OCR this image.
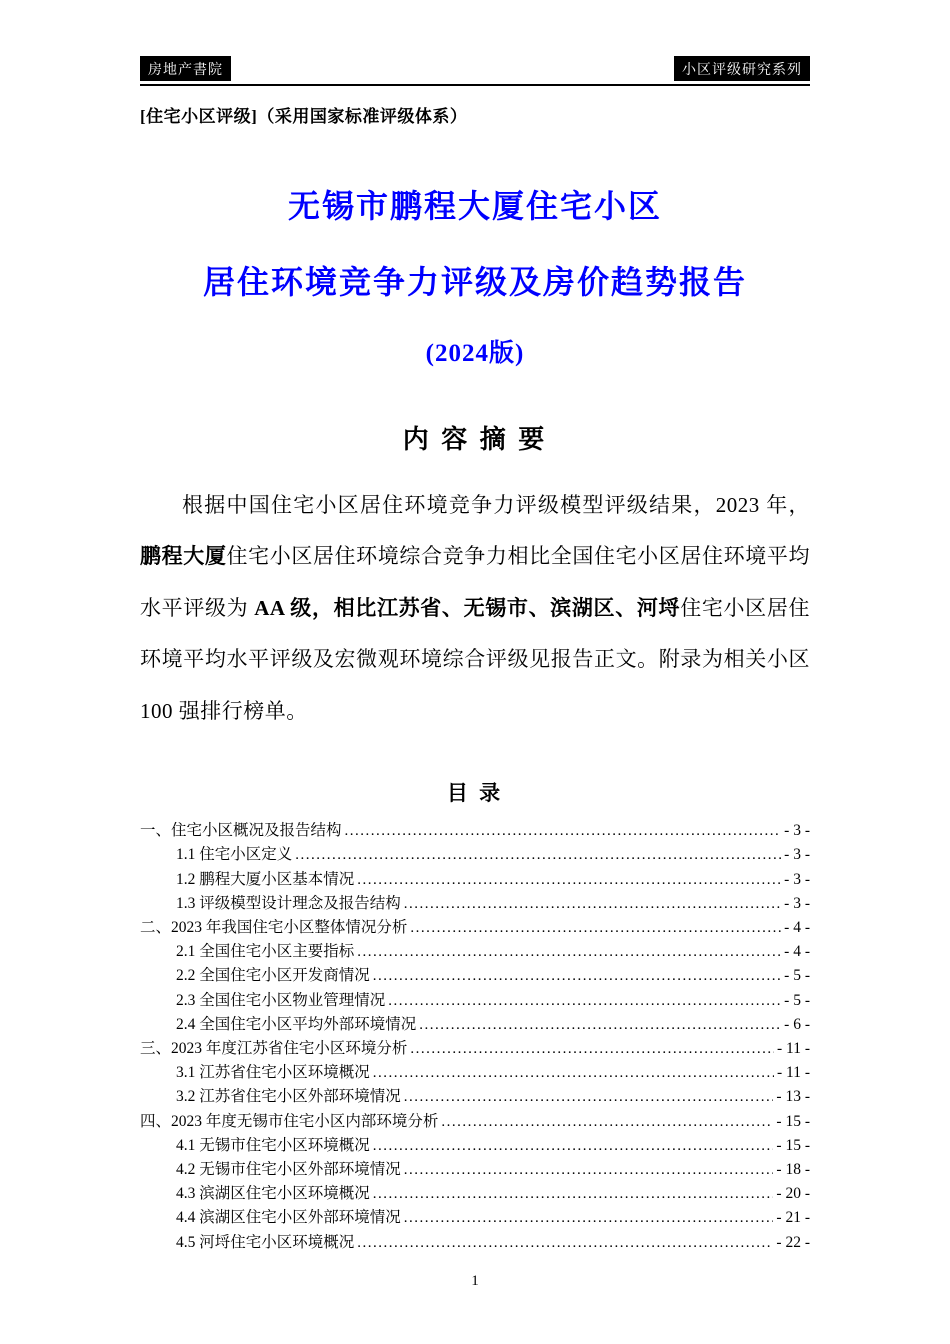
房地产書院	小区评级研究系列
[住宅小区评级]（采用国家标准评级体系）
无锡市鹏程大厦住宅小区
居住环境竞争力评级及房价趋势报告
(2024版)
内 容 摘 要

根据中国住宅小区居住环境竞争力评级模型评级结果，2023 年，鹏程大厦住宅小区居住环境综合竞争力相比全国住宅小区居住环境平均水平评级为 AA 级，相比江苏省、无锡市、滨湖区、河埒住宅小区居住环境平均水平评级及宏微观环境综合评级见报告正文。附录为相关小区 100 强排行榜单。

目 录
一、住宅小区概况及报告结构 .....	- 3 -
1.1 住宅小区定义 .....	- 3 -
1.2 鹏程大厦小区基本情况 .....	- 3 -
1.3 评级模型设计理念及报告结构 .....	- 3 -
二、2023 年我国住宅小区整体情况分析 .....	- 4 -
2.1 全国住宅小区主要指标 .....	- 4 -
2.2 全国住宅小区开发商情况 .....	- 5 -
2.3 全国住宅小区物业管理情况 .....	- 5 -
2.4 全国住宅小区平均外部环境情况 .....	- 6 -
三、2023 年度江苏省住宅小区环境分析 .....	- 11 -
3.1 江苏省住宅小区环境概况 .....	- 11 -
3.2 江苏省住宅小区外部环境情况 .....	- 13 -
四、2023 年度无锡市住宅小区内部环境分析 .....	- 15 -
4.1 无锡市住宅小区环境概况 .....	- 15 -
4.2 无锡市住宅小区外部环境情况 .....	- 18 -
4.3 滨湖区住宅小区环境概况 .....	- 20 -
4.4 滨湖区住宅小区外部环境情况 .....	- 21 -
4.5 河埒住宅小区环境概况 .....	- 22 -
1
